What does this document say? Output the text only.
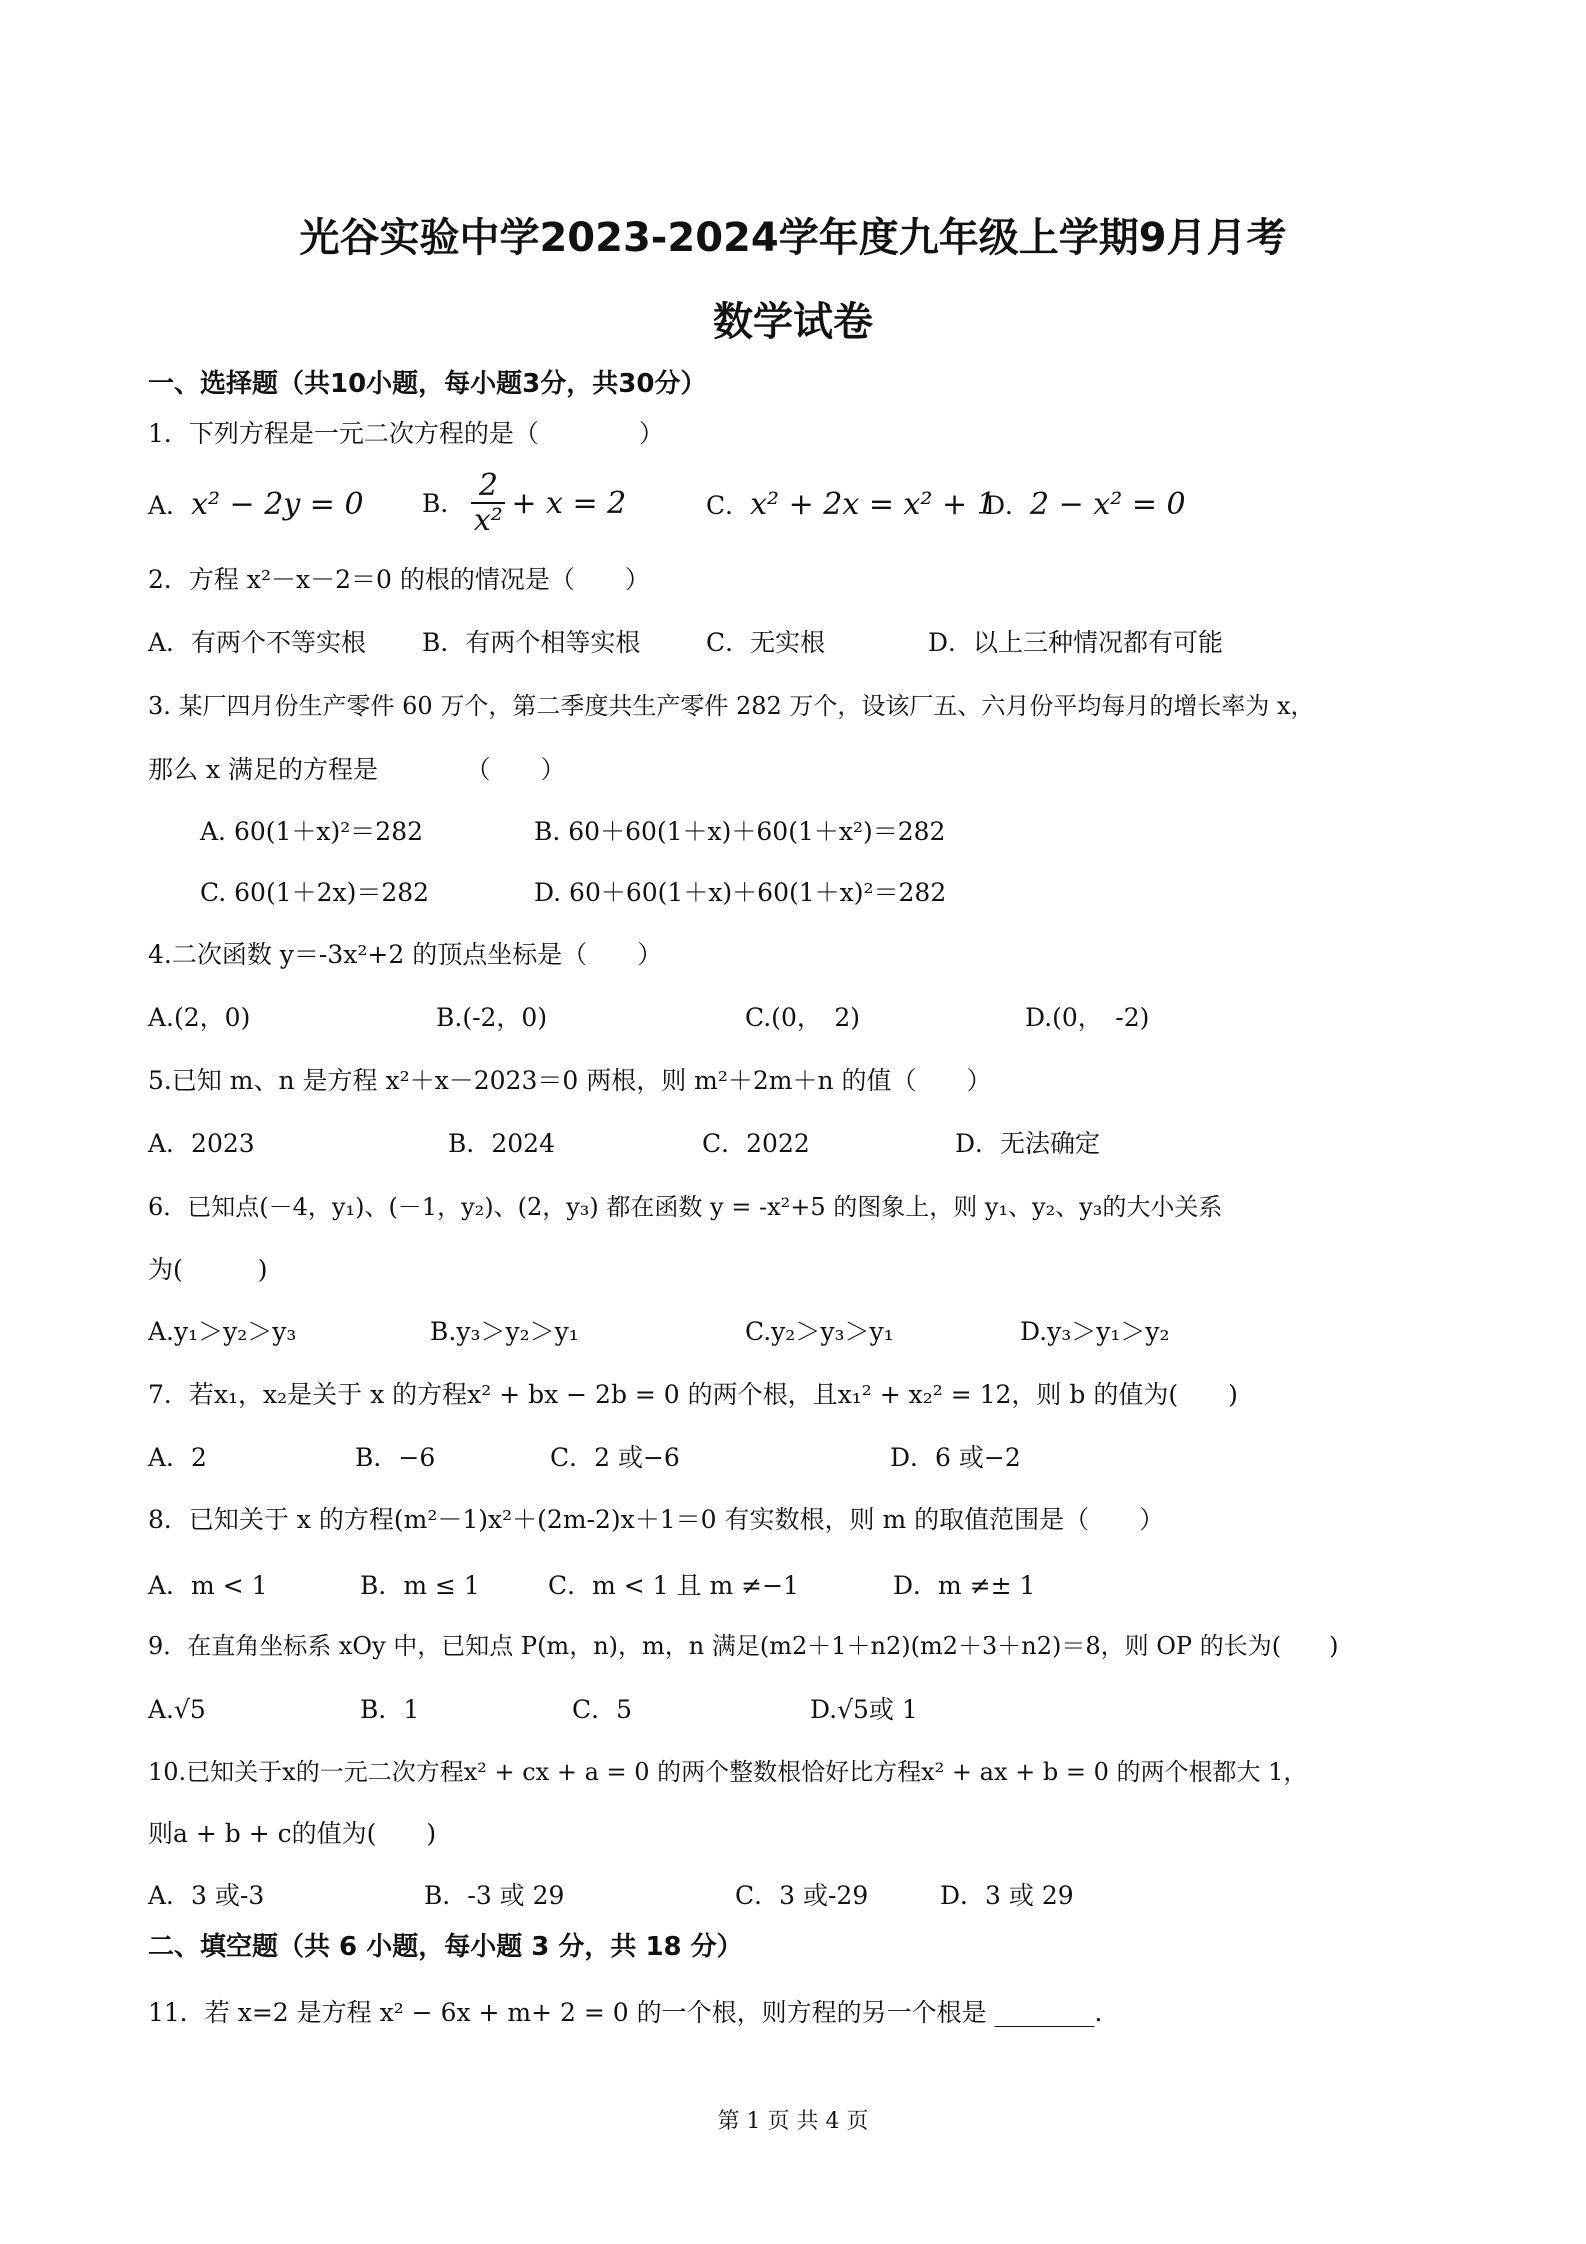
光谷实验中学2023-2024学年度九年级上学期9月月考
数学试卷
一、选择题（共10小题，每小题3分，共30分）
1．下列方程是一元二次方程的是（　　　　）
A．x² − 2y = 0 B．
2
x² + x = 2	C．x² + 2x = x² + 1
D．2 − x² = 0
2．方程 x²－x－2＝0 的根的情况是（　　）
A．有两个不等实根 B．有两个相等实根	C．无实根	D．以上三种情况都有可能
3. 某厂四月份生产零件 60 万个，第二季度共生产零件 282 万个，设该厂五、六月份平均每月的增长率为 x，
那么 x 满足的方程是　　　　（　　）
A. 60(1＋x)²＝282	B. 60＋60(1＋x)＋60(1＋x²)＝282
C. 60(1＋2x)＝282	D. 60＋60(1＋x)＋60(1＋x)²＝282
4.二次函数 y＝-3x²+2 的顶点坐标是（　　）
A.(2，0)	B.(-2，0)	C.(0，　2)	D.(0，　-2)
5.已知 m、n 是方程 x²＋x－2023＝0 两根，则 m²＋2m＋n 的值（　　）
A．2023	B．2024	C．2022	D．无法确定
6．已知点(－4，y₁)、(－1，y₂)、(2，y₃) 都在函数 y = -x²+5 的图象上，则 y₁、y₂、y₃的大小关系
为(　　　)
A.y₁＞y₂＞y₃	B.y₃＞y₂＞y₁	C.y₂＞y₃＞y₁	D.y₃＞y₁＞y₂
7．若x₁，x₂是关于 x 的方程x² + bx − 2b = 0 的两个根，且x₁² + x₂² = 12，则 b 的值为(　　)
A．2	B．−6	C．2 或−6	D．6 或−2
8．已知关于 x 的方程(m²－1)x²＋(2m-2)x＋1＝0 有实数根，则 m 的取值范围是（　　）
A．m < 1	B．m ≤ 1	C．m < 1 且 m ≠−1	D．m ≠± 1
9．在直角坐标系 xOy 中，已知点 P(m，n)，m，n 满足(m2＋1＋n2)(m2＋3＋n2)＝8，则 OP 的长为(　　)
A.√5	B．1	C．5	D.√5或 1
10.已知关于x的一元二次方程x² + cx + a = 0 的两个整数根恰好比方程x² + ax + b = 0 的两个根都大 1，
则a + b + c的值为(　　)
A．3 或-3	B．-3 或 29	C．3 或-29	D．3 或 29
二、填空题（共 6 小题，每小题 3 分，共 18 分）
11．若 x=2 是方程 x² − 6x + m+ 2 = 0 的一个根，则方程的另一个根是 ________.
第 1 页 共 4 页
